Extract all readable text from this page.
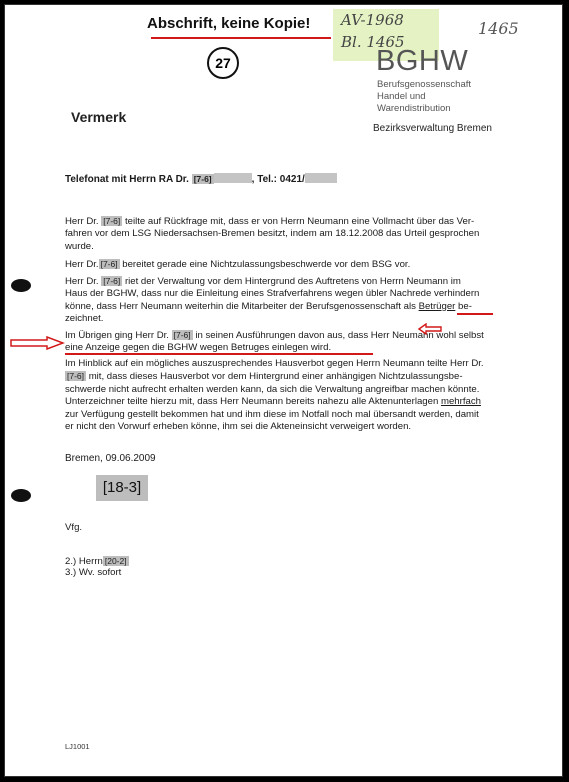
Abschrift, keine Kopie!
27
AV-1968
Bl. 1465
1465
BGHW
Berufsgenossenschaft
Handel und
Warendistribution
Bezirksverwaltung Bremen
Vermerk
Telefonat mit Herrn RA Dr. [7-6]	, Tel.: 0421/
Herr Dr. [7-6] teilte auf Rückfrage mit, dass er von Herrn Neumann eine Vollmacht über das Ver-
fahren vor dem LSG Niedersachsen-Bremen besitzt, indem am 18.12.2008 das Urteil gesprochen
wurde.
Herr Dr. [7-6] bereitet gerade eine Nichtzulassungsbeschwerde vor dem BSG vor.
Herr Dr. [7-6] riet der Verwaltung vor dem Hintergrund des Auftretens von Herrn Neumann im
Haus der BGHW, dass nur die Einleitung eines Strafverfahrens wegen übler Nachrede verhindern
könne, dass Herr Neumann weiterhin die Mitarbeiter der Berufsgenossenschaft als Betrüger be-
zeichnet.
Im Übrigen ging Herr Dr. [7-6] in seinen Ausführungen davon aus, dass Herr Neumann wohl selbst
eine Anzeige gegen die BGHW wegen Betruges einlegen wird.
Im Hinblick auf ein mögliches auszusprechendes Hausverbot gegen Herrn Neumann teilte Herr Dr.
[7-6] mit, dass dieses Hausverbot vor dem Hintergrund einer anhängigen Nichtzulassungsbe-
schwerde nicht aufrecht erhalten werden kann, da sich die Verwaltung angreifbar machen könnte.
Unterzeichner teilte hierzu mit, dass Herr Neumann bereits nahezu alle Aktenunterlagen mehrfach
zur Verfügung gestellt bekommen hat und ihm diese im Notfall noch mal übersandt werden, damit
er nicht den Vorwurf erheben könne, ihm sei die Akteneinsicht verweigert worden.
Bremen, 09.06.2009
[18-3]
Vfg.
2.) Herrn [20-2]
3.) Wv. sofort
LJ1001
